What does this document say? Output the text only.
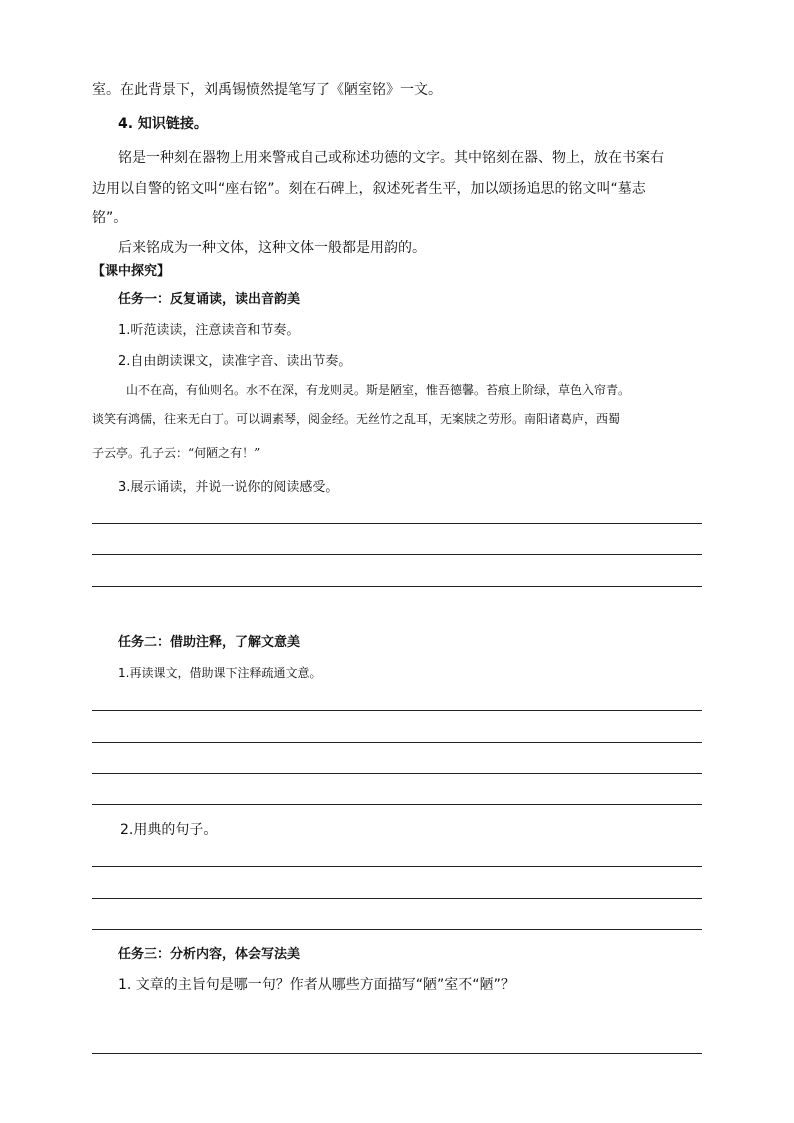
室。在此背景下，刘禹锡愤然提笔写了《陋室铭》一文。
4. 知识链接。
铭是一种刻在器物上用来警戒自己或称述功德的文字。其中铭刻在器、物上，放在书案右
边用以自警的铭文叫“座右铭”。刻在石碑上，叙述死者生平，加以颂扬追思的铭文叫“墓志
铭”。
后来铭成为一种文体，这种文体一般都是用韵的。
【课中探究】
任务一：反复诵读，读出音韵美
1.听范读读，注意读音和节奏。
2.自由朗读课文，读准字音、读出节奏。
山不在高，有仙则名。水不在深，有龙则灵。斯是陋室，惟吾德馨。苔痕上阶绿，草色入帘青。
谈笑有鸿儒，往来无白丁。可以调素琴，阅金经。无丝竹之乱耳，无案牍之劳形。南阳诸葛庐，西蜀
子云亭。孔子云：“何陋之有！”
3.展示诵读，并说一说你的阅读感受。
任务二：借助注释，了解文意美
1.再读课文，借助课下注释疏通文意。
2.用典的句子。
任务三：分析内容，体会写法美
1. 文章的主旨句是哪一句？作者从哪些方面描写“陋”室不“陋”？
